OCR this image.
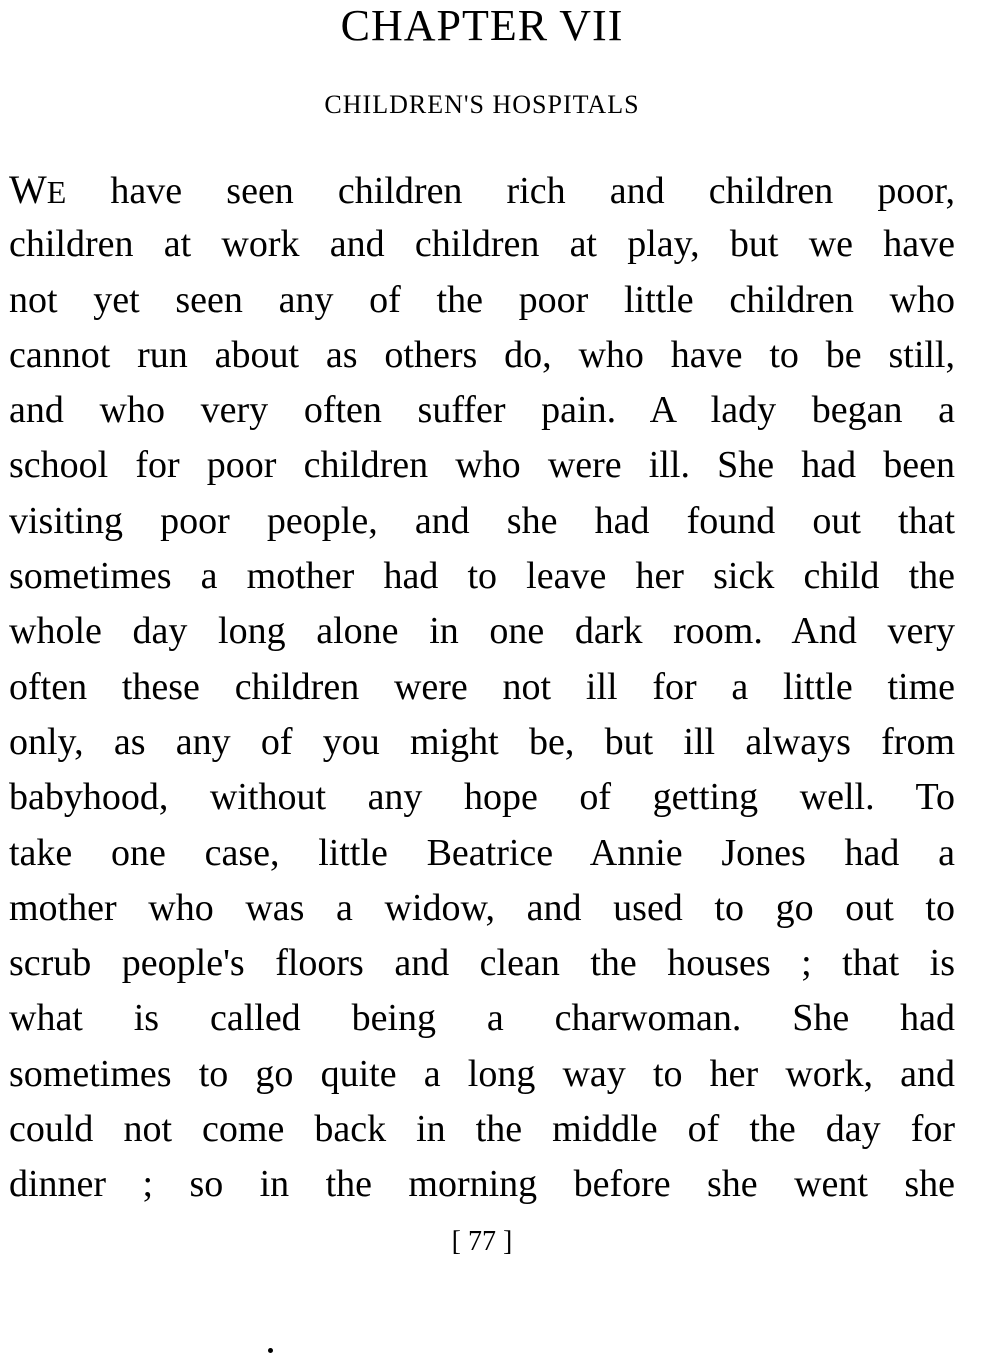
CHAPTER VII
CHILDREN'S HOSPITALS
WE have seen children rich and children poor,
children at work and children at play, but we have
not yet seen any of the poor little children who
cannot run about as others do, who have to be still,
and who very often suffer pain. A lady began a
school for poor children who were ill. She had been
visiting poor people, and she had found out that
sometimes a mother had to leave her sick child the
whole day long alone in one dark room. And very
often these children were not ill for a little time
only, as any of you might be, but ill always from
babyhood, without any hope of getting well. To
take one case, little Beatrice Annie Jones had a
mother who was a widow, and used to go out to
scrub people's floors and clean the houses ; that is
what is called being a charwoman. She had
sometimes to go quite a long way to her work, and
could not come back in the middle of the day for
dinner ; so in the morning before she went she
[ 77 ]
